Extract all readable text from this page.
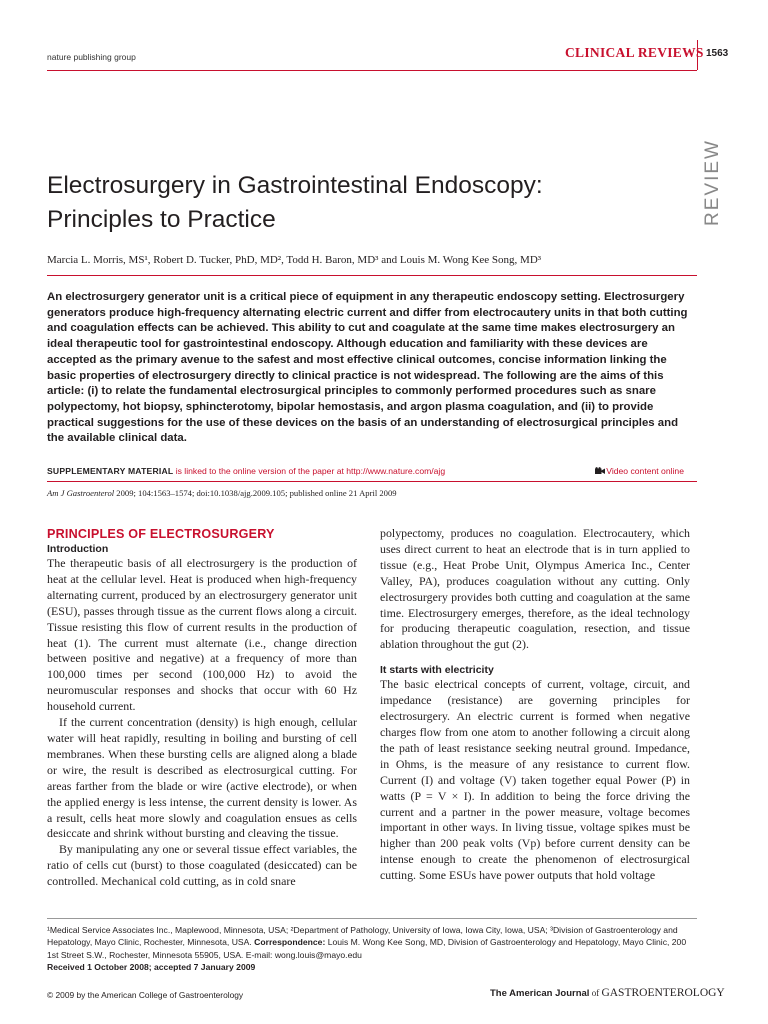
nature publishing group	CLINICAL REVIEWS 1563
REVIEW
Electrosurgery in Gastrointestinal Endoscopy:
Principles to Practice
Marcia L. Morris, MS¹, Robert D. Tucker, PhD, MD², Todd H. Baron, MD³ and Louis M. Wong Kee Song, MD³
An electrosurgery generator unit is a critical piece of equipment in any therapeutic endoscopy setting. Electrosurgery generators produce high-frequency alternating electric current and differ from electrocautery units in that both cutting and coagulation effects can be achieved. This ability to cut and coagulate at the same time makes electrosurgery an ideal therapeutic tool for gastrointestinal endoscopy. Although education and familiarity with these devices are accepted as the primary avenue to the safest and most effective clinical outcomes, concise information linking the basic properties of electrosurgery directly to clinical practice is not widespread. The following are the aims of this article: (i) to relate the fundamental electrosurgical principles to commonly performed procedures such as snare polypectomy, hot biopsy, sphincterotomy, bipolar hemostasis, and argon plasma coagulation, and (ii) to provide practical suggestions for the use of these devices on the basis of an understanding of electrosurgical principles and the available clinical data.
SUPPLEMENTARY MATERIAL is linked to the online version of the paper at http://www.nature.com/ajg	Video content online
Am J Gastroenterol 2009; 104:1563–1574; doi:10.1038/ajg.2009.105; published online 21 April 2009
PRINCIPLES OF ELECTROSURGERY
Introduction

The therapeutic basis of all electrosurgery is the production of heat at the cellular level. Heat is produced when high-frequency alternating current, produced by an electrosurgery generator unit (ESU), passes through tissue as the current flows along a circuit. Tissue resisting this flow of current results in the production of heat (1). The current must alternate (i.e., change direction between positive and negative) at a frequency of more than 100,000 times per second (100,000 Hz) to avoid the neuromuscular responses and shocks that occur with 60 Hz household current.

If the current concentration (density) is high enough, cellular water will heat rapidly, resulting in boiling and bursting of cell membranes. When these bursting cells are aligned along a blade or wire, the result is described as electrosurgical cutting. For areas farther from the blade or wire (active electrode), or when the applied energy is less intense, the current density is lower. As a result, cells heat more slowly and coagulation ensues as cells desiccate and shrink without bursting and cleaving the tissue.

By manipulating any one or several tissue effect variables, the ratio of cells cut (burst) to those coagulated (desiccated) can be controlled. Mechanical cold cutting, as in cold snare

polypectomy, produces no coagulation. Electrocautery, which uses direct current to heat an electrode that is in turn applied to tissue (e.g., Heat Probe Unit, Olympus America Inc., Center Valley, PA), produces coagulation without any cutting. Only electrosurgery provides both cutting and coagulation at the same time. Electrosurgery emerges, therefore, as the ideal technology for producing therapeutic coagulation, resection, and tissue ablation throughout the gut (2).

It starts with electricity

The basic electrical concepts of current, voltage, circuit, and impedance (resistance) are governing principles for electrosurgery. An electric current is formed when negative charges flow from one atom to another following a circuit along the path of least resistance seeking neutral ground. Impedance, in Ohms, is the measure of any resistance to current flow. Current (I) and voltage (V) taken together equal Power (P) in watts (P = V × I). In addition to being the force driving the current and a partner in the power measure, voltage becomes important in other ways. In living tissue, voltage spikes must be higher than 200 peak volts (Vp) before current density can be intense enough to create the phenomenon of electrosurgical cutting. Some ESUs have power outputs that hold voltage

¹Medical Service Associates Inc., Maplewood, Minnesota, USA; ²Department of Pathology, University of Iowa, Iowa City, Iowa, USA; ³Division of Gastroenterology and Hepatology, Mayo Clinic, Rochester, Minnesota, USA. Correspondence: Louis M. Wong Kee Song, MD, Division of Gastroenterology and Hepatology, Mayo Clinic, 200 1st Street S.W., Rochester, Minnesota 55905, USA. E-mail: wong.louis@mayo.edu
Received 1 October 2008; accepted 7 January 2009
© 2009 by the American College of Gastroenterology	The American Journal of GASTROENTEROLOGY
